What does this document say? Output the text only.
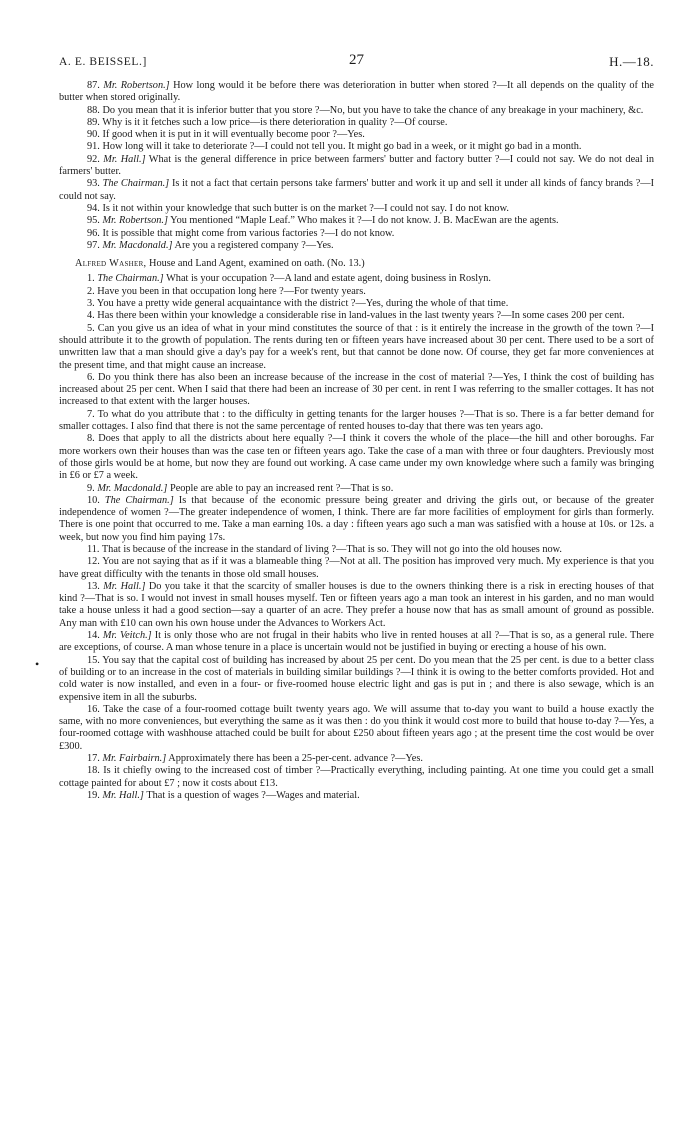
A. E. BEISSEL.]	27	H.—18.

87. Mr. Robertson.] How long would it be before there was deterioration in butter when stored ?—It all depends on the quality of the butter when stored originally.

88. Do you mean that it is inferior butter that you store ?—No, but you have to take the chance of any breakage in your machinery, &c.

89. Why is it it fetches such a low price—is there deterioration in quality ?—Of course.

90. If good when it is put in it will eventually become poor ?—Yes.

91. How long will it take to deteriorate ?—I could not tell you. It might go bad in a week, or it might go bad in a month.

92. Mr. Hall.] What is the general difference in price between farmers' butter and factory butter ?—I could not say. We do not deal in farmers' butter.

93. The Chairman.] Is it not a fact that certain persons take farmers' butter and work it up and sell it under all kinds of fancy brands ?—I could not say.

94. Is it not within your knowledge that such butter is on the market ?—I could not say. I do not know.

95. Mr. Robertson.] You mentioned “Maple Leaf.” Who makes it ?—I do not know. J. B. MacEwan are the agents.

96. It is possible that might come from various factories ?—I do not know.

97. Mr. Macdonald.] Are you a registered company ?—Yes.

Alfred Washer, House and Land Agent, examined on oath. (No. 13.)

1. The Chairman.] What is your occupation ?—A land and estate agent, doing business in Roslyn.

2. Have you been in that occupation long here ?—For twenty years.

3. You have a pretty wide general acquaintance with the district ?—Yes, during the whole of that time.

4. Has there been within your knowledge a considerable rise in land-values in the last twenty years ?—In some cases 200 per cent.

5. Can you give us an idea of what in your mind constitutes the source of that : is it entirely the increase in the growth of the town ?—I should attribute it to the growth of population. The rents during ten or fifteen years have increased about 30 per cent. There used to be a sort of unwritten law that a man should give a day's pay for a week's rent, but that cannot be done now. Of course, they get far more conveniences at the present time, and that might cause an increase.

6. Do you think there has also been an increase because of the increase in the cost of material ?—Yes, I think the cost of building has increased about 25 per cent. When I said that there had been an increase of 30 per cent. in rent I was referring to the smaller cottages. It has not increased to that extent with the larger houses.

7. To what do you attribute that : to the difficulty in getting tenants for the larger houses ?—That is so. There is a far better demand for smaller cottages. I also find that there is not the same percentage of rented houses to-day that there was ten years ago.

8. Does that apply to all the districts about here equally ?—I think it covers the whole of the place—the hill and other boroughs. Far more workers own their houses than was the case ten or fifteen years ago. Take the case of a man with three or four daughters. Previously most of those girls would be at home, but now they are found out working. A case came under my own knowledge where such a family was bringing in £6 or £7 a week.

9. Mr. Macdonald.] People are able to pay an increased rent ?—That is so.

10. The Chairman.] Is that because of the economic pressure being greater and driving the girls out, or because of the greater independence of women ?—The greater independence of women, I think. There are far more facilities of employment for girls than formerly. There is one point that occurred to me. Take a man earning 10s. a day : fifteen years ago such a man was satisfied with a house at 10s. or 12s. a week, but now you find him paying 17s.

11. That is because of the increase in the standard of living ?—That is so. They will not go into the old houses now.

12. You are not saying that as if it was a blameable thing ?—Not at all. The position has improved very much. My experience is that you have great difficulty with the tenants in those old small houses.

13. Mr. Hall.] Do you take it that the scarcity of smaller houses is due to the owners thinking there is a risk in erecting houses of that kind ?—That is so. I would not invest in small houses myself. Ten or fifteen years ago a man took an interest in his garden, and no man would take a house unless it had a good section—say a quarter of an acre. They prefer a house now that has as small amount of ground as possible. Any man with £10 can own his own house under the Advances to Workers Act.

14. Mr. Veitch.] It is only those who are not frugal in their habits who live in rented houses at all ?—That is so, as a general rule. There are exceptions, of course. A man whose tenure in a place is uncertain would not be justified in buying or erecting a house of his own.

15. You say that the capital cost of building has increased by about 25 per cent. Do you mean that the 25 per cent. is due to a better class of building or to an increase in the cost of materials in building similar buildings ?—I think it is owing to the better comforts provided. Hot and cold water is now installed, and even in a four- or five-roomed house electric light and gas is put in ; and there is also sewage, which is an expensive item in all the suburbs.

16. Take the case of a four-roomed cottage built twenty years ago. We will assume that to-day you want to build a house exactly the same, with no more conveniences, but everything the same as it was then : do you think it would cost more to build that house to-day ?—Yes, a four-roomed cottage with washhouse attached could be built for about £250 about fifteen years ago ; at the present time the cost would be over £300.

17. Mr. Fairbairn.] Approximately there has been a 25-per-cent. advance ?—Yes.

18. Is it chiefly owing to the increased cost of timber ?—Practically everything, including painting. At one time you could get a small cottage painted for about £7 ; now it costs about £13.

19. Mr. Hall.] That is a question of wages ?—Wages and material.

•
